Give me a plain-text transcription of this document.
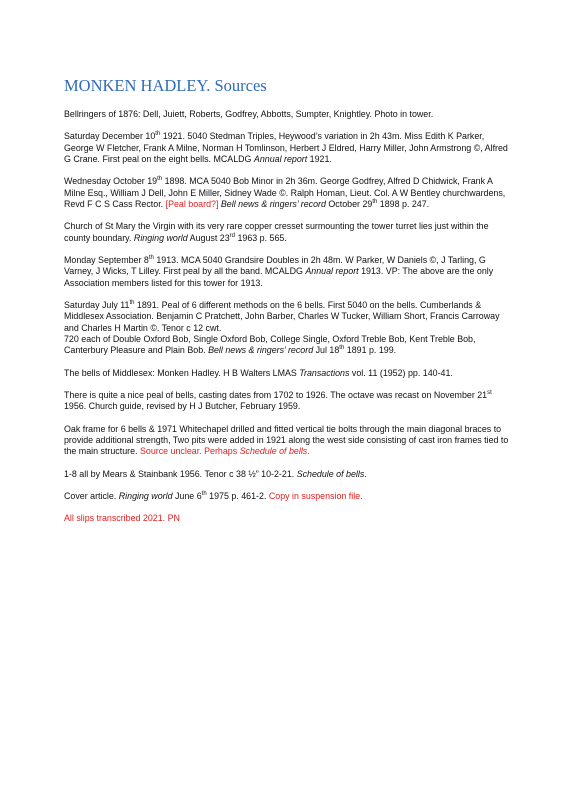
MONKEN HADLEY. Sources

Bellringers of 1876: Dell, Juiett, Roberts, Godfrey, Abbotts, Sumpter, Knightley. Photo in tower.

Saturday December 10th 1921. 5040 Stedman Triples, Heywood’s variation in 2h 43m. Miss Edith K Parker, George W Fletcher, Frank A Milne, Norman H Tomlinson, Herbert J Eldred, Harry Miller, John Armstrong ©, Alfred G Crane. First peal on the eight bells. MCALDG Annual report 1921.

Wednesday October 19th 1898. MCA 5040 Bob Minor in 2h 36m. George Godfrey, Alfred D Chidwick, Frank A Milne Esq., William J Dell, John E Miller, Sidney Wade ©. Ralph Homan, Lieut. Col. A W Bentley churchwardens, Revd F C S Cass Rector. [Peal board?] Bell news & ringers’ record October 29th 1898 p. 247.

Church of St Mary the Virgin with its very rare copper cresset surmounting the tower turret lies just within the county boundary. Ringing world August 23rd 1963 p. 565.

Monday September 8th 1913. MCA 5040 Grandsire Doubles in 2h 48m. W Parker, W Daniels ©, J Tarling, G Varney, J Wicks, T Lilley. First peal by all the band. MCALDG Annual report 1913. VP: The above are the only Association members listed for this tower for 1913.

Saturday July 11th 1891. Peal of 6 different methods on the 6 bells. First 5040 on the bells. Cumberlands & Middlesex Association. Benjamin C Pratchett, John Barber, Charles W Tucker, William Short, Francis Carroway and Charles H Martin ©. Tenor c 12 cwt.
720 each of Double Oxford Bob, Single Oxford Bob, College Single, Oxford Treble Bob, Kent Treble Bob, Canterbury Pleasure and Plain Bob. Bell news & ringers’ record Jul 18th 1891 p. 199.

The bells of Middlesex: Monken Hadley. H B Walters LMAS Transactions vol. 11 (1952) pp. 140-41.

There is quite a nice peal of bells, casting dates from 1702 to 1926. The octave was recast on November 21st 1956. Church guide, revised by H J Butcher, February 1959.

Oak frame for 6 bells & 1971 Whitechapel drilled and fitted vertical tie bolts through the main diagonal braces to provide additional strength, Two pits were added in 1921 along the west side consisting of cast iron frames tied to the main structure. Source unclear. Perhaps Schedule of bells.

1-8 all by Mears & Stainbank 1956. Tenor c 38 ½” 10-2-21. Schedule of bells.

Cover article. Ringing world June 6th 1975 p. 461-2. Copy in suspension file.

All slips transcribed 2021. PN
